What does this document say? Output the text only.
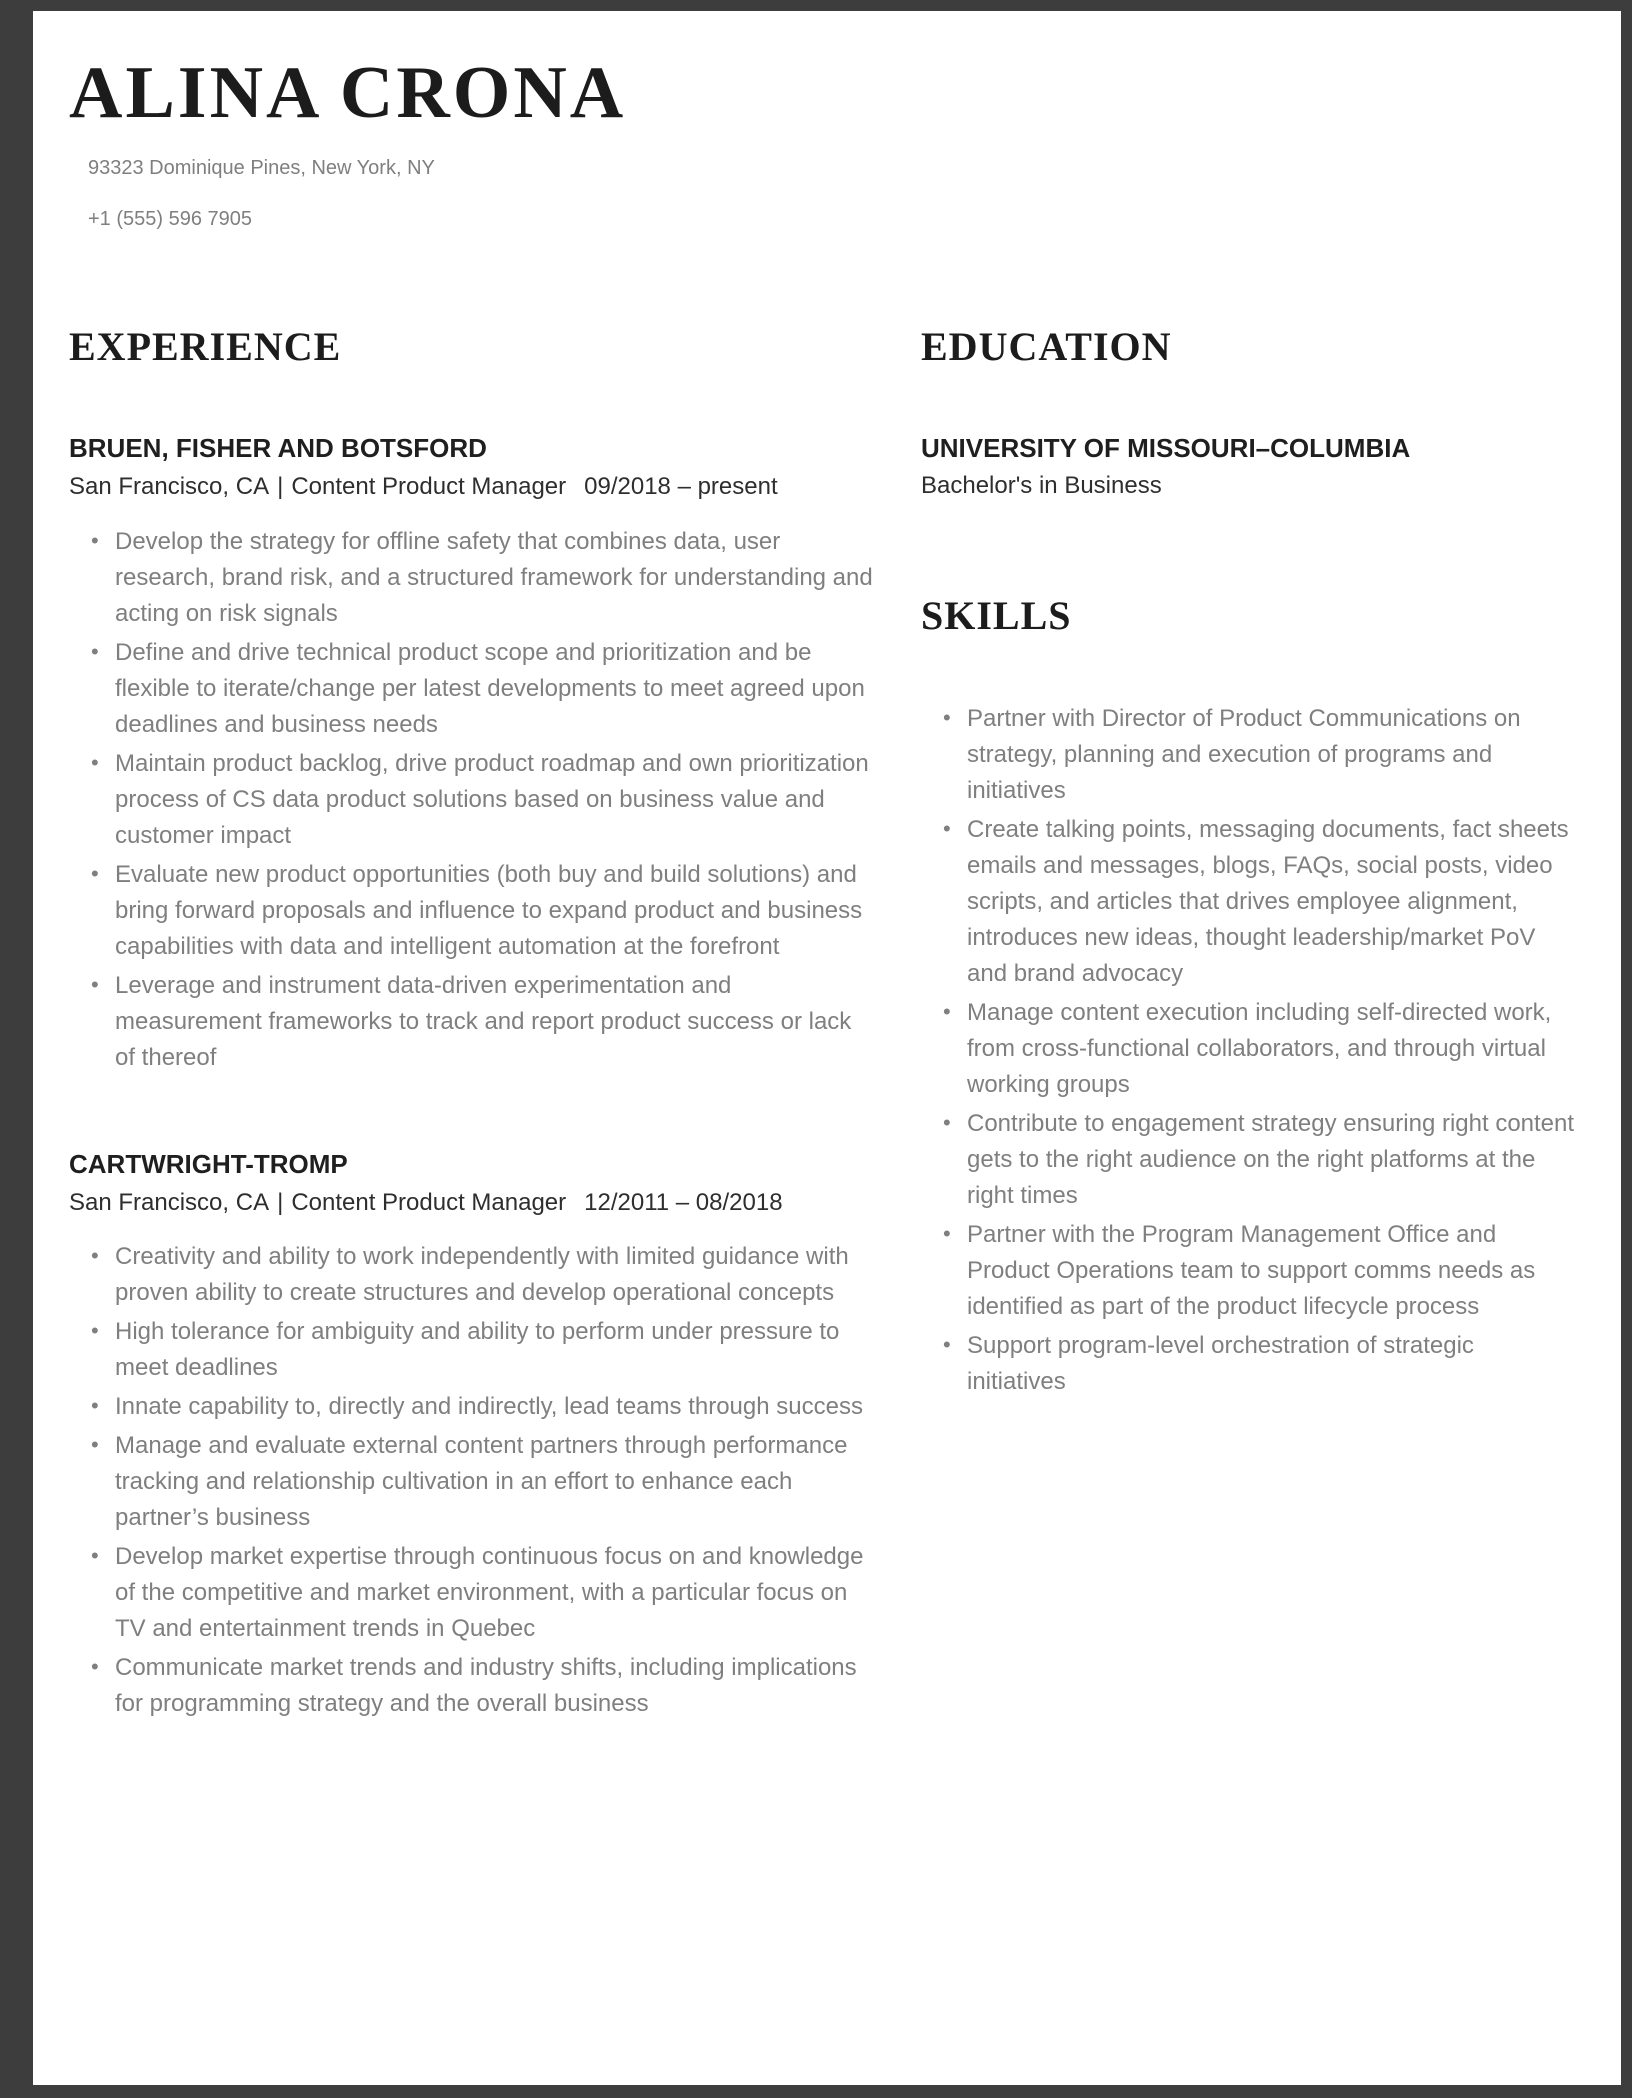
ALINA CRONA
93323 Dominique Pines, New York, NY
+1 (555) 596 7905
EXPERIENCE
BRUEN, FISHER AND BOTSFORD
San Francisco, CA | Content Product Manager 09/2018 – present
• Develop the strategy for offline safety that combines data, user research, brand risk, and a structured framework for understanding and acting on risk signals
• Define and drive technical product scope and prioritization and be flexible to iterate/change per latest developments to meet agreed upon deadlines and business needs
• Maintain product backlog, drive product roadmap and own prioritization process of CS data product solutions based on business value and customer impact
• Evaluate new product opportunities (both buy and build solutions) and bring forward proposals and influence to expand product and business capabilities with data and intelligent automation at the forefront
• Leverage and instrument data-driven experimentation and measurement frameworks to track and report product success or lack of thereof
CARTWRIGHT-TROMP
San Francisco, CA | Content Product Manager 12/2011 – 08/2018
• Creativity and ability to work independently with limited guidance with proven ability to create structures and develop operational concepts
• High tolerance for ambiguity and ability to perform under pressure to meet deadlines
• Innate capability to, directly and indirectly, lead teams through success
• Manage and evaluate external content partners through performance tracking and relationship cultivation in an effort to enhance each partner’s business
• Develop market expertise through continuous focus on and knowledge of the competitive and market environment, with a particular focus on TV and entertainment trends in Quebec
• Communicate market trends and industry shifts, including implications for programming strategy and the overall business
EDUCATION
UNIVERSITY OF MISSOURI–COLUMBIA
Bachelor's in Business
SKILLS
• Partner with Director of Product Communications on strategy, planning and execution of programs and initiatives
• Create talking points, messaging documents, fact sheets emails and messages, blogs, FAQs, social posts, video scripts, and articles that drives employee alignment, introduces new ideas, thought leadership/market PoV and brand advocacy
• Manage content execution including self-directed work, from cross-functional collaborators, and through virtual working groups
• Contribute to engagement strategy ensuring right content gets to the right audience on the right platforms at the right times
• Partner with the Program Management Office and Product Operations team to support comms needs as identified as part of the product lifecycle process
• Support program-level orchestration of strategic initiatives
